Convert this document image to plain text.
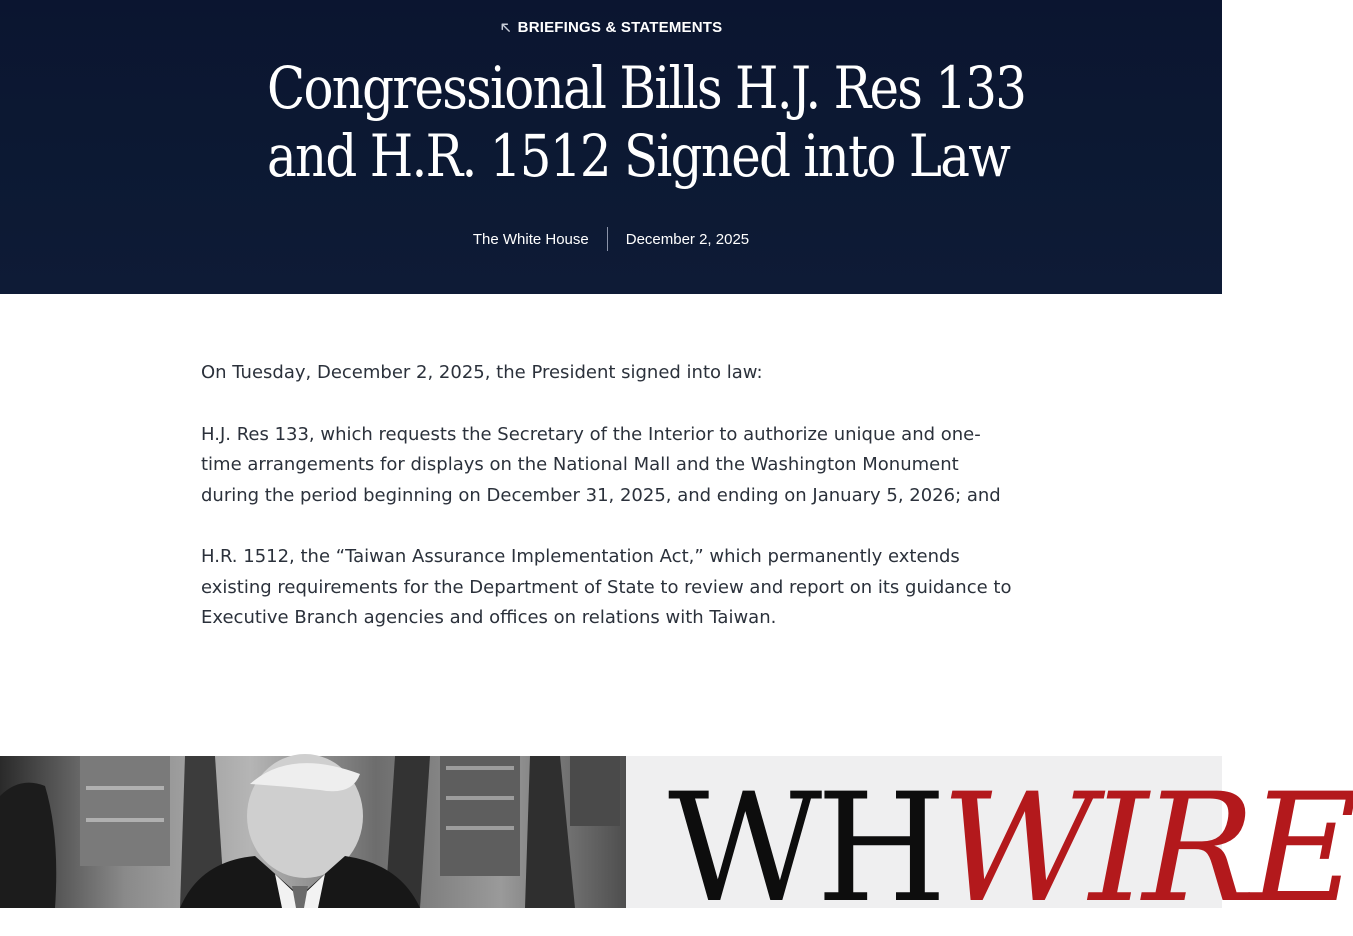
BRIEFINGS & STATEMENTS
Congressional Bills H.J. Res 133
and H.R. 1512 Signed into Law
The White House	December 2, 2025

On Tuesday, December 2, 2025, the President signed into law:

H.J. Res 133, which requests the Secretary of the Interior to authorize unique and one-time arrangements for displays on the National Mall and the Washington Monument during the period beginning on December 31, 2025, and ending on January 5, 2026; and

H.R. 1512, the “Taiwan Assurance Implementation Act,” which permanently extends existing requirements for the Department of State to review and report on its guidance to Executive Branch agencies and offices on relations with Taiwan.

WHWIRE
